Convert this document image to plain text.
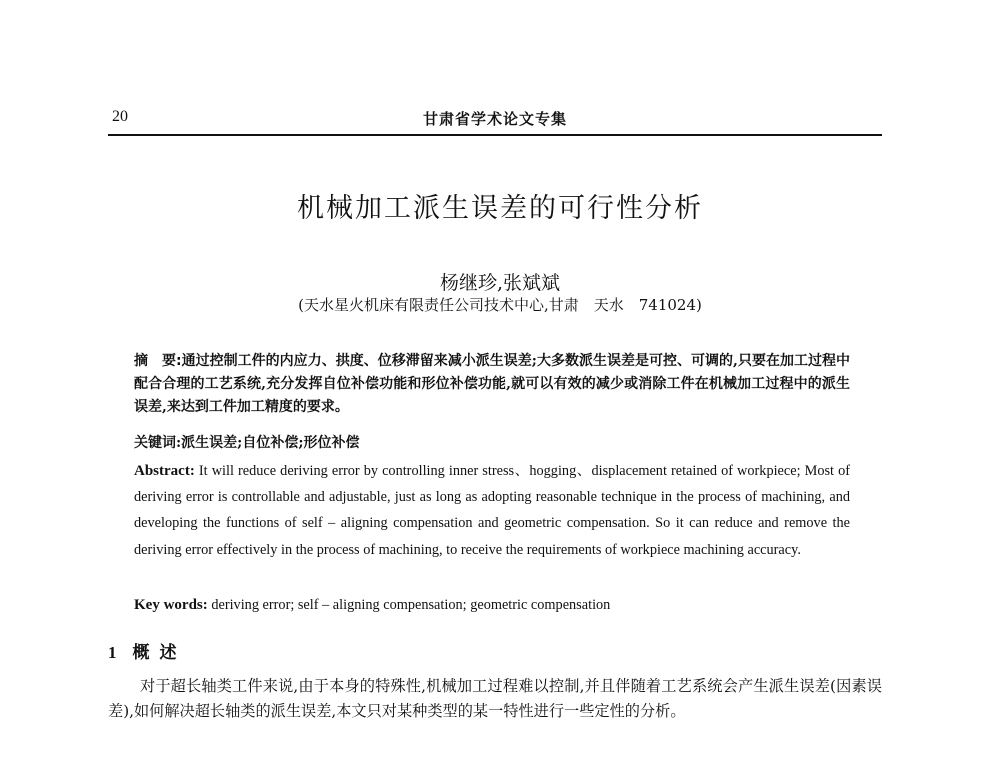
20	甘肃省学术论文专集
机械加工派生误差的可行性分析
杨继珍,张斌斌
(天水星火机床有限责任公司技术中心,甘肃　天水　741024)
摘　要:通过控制工件的内应力、拱度、位移滞留来减小派生误差;大多数派生误差是可控、可调的,只要在加工过程中配合合理的工艺系统,充分发挥自位补偿功能和形位补偿功能,就可以有效的减少或消除工件在机械加工过程中的派生误差,来达到工件加工精度的要求。
关键词:派生误差;自位补偿;形位补偿
Abstract: It will reduce deriving error by controlling inner stress、hogging、displacement retained of workpiece; Most of deriving error is controllable and adjustable, just as long as adopting reasonable technique in the process of machining, and developing the functions of self – aligning compensation and geometric compensation. So it can reduce and remove the deriving error effectively in the process of machining, to receive the requirements of workpiece machining accuracy.
Key words: deriving error; self – aligning compensation; geometric compensation
1 概述
对于超长轴类工件来说,由于本身的特殊性,机械加工过程难以控制,并且伴随着工艺系统会产生派生误差(因素误差),如何解决超长轴类的派生误差,本文只对某种类型的某一特性进行一些定性的分析。
